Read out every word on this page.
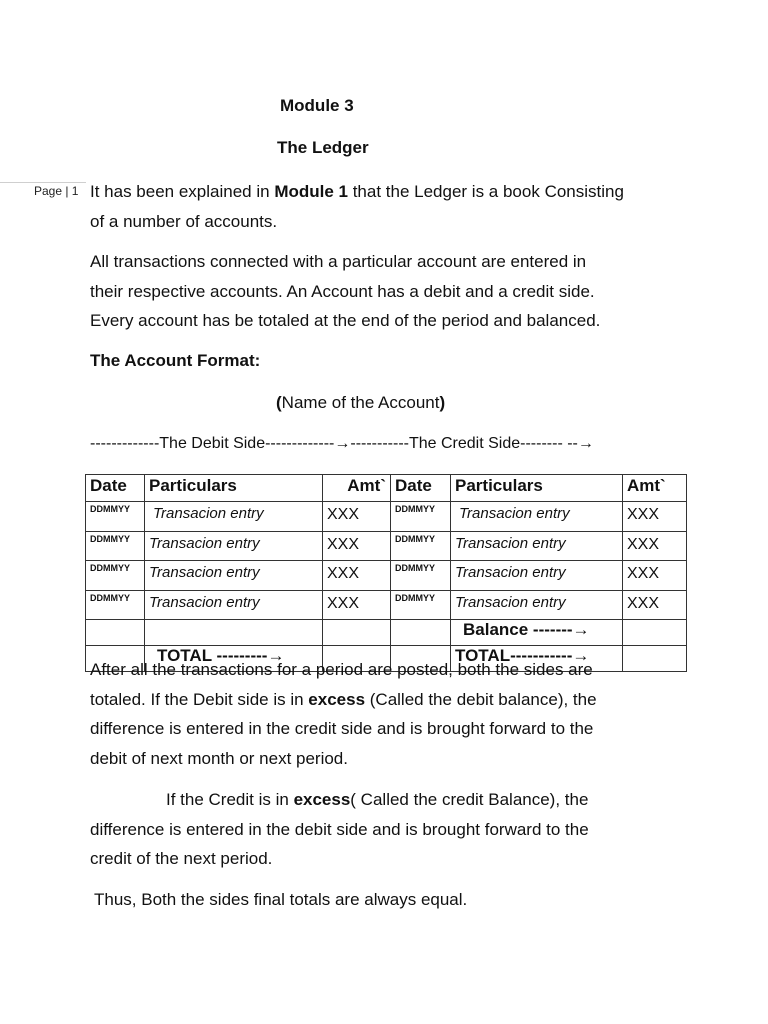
Module 3
The Ledger
Page | 1 It has been explained in Module 1 that the Ledger is a book Consisting
of a number of accounts.
All transactions connected with a particular account are entered in
their respective accounts. An Account has a debit and a credit side.
Every account has be totaled at the end of the period and balanced.
The Account Format:
(Name of the Account)
-------------The Debit Side-------------→-----------The Credit Side-------- --→
Date	Particulars	Amt`	Date	Particulars	Amt`
DDMMYY	Transacion entry	XXX	DDMMYY	Transacion entry	XXX
DDMMYY	Transacion entry	XXX	DDMMYY	Transacion entry	XXX
DDMMYY	Transacion entry	XXX	DDMMYY	Transacion entry	XXX
DDMMYY	Transacion entry	XXX	DDMMYY	Transacion entry	XXX
				Balance -------→	
	TOTAL ---------→			TOTAL-----------→	
After all the transactions for a period are posted, both the sides are
totaled. If the Debit side is in excess (Called the debit balance), the
difference is entered in the credit side and is brought forward to the
debit of next month or next period.
If the Credit is in excess( Called the credit Balance), the
difference is entered in the debit side and is brought forward to the
credit of the next period.
Thus, Both the sides final totals are always equal.
